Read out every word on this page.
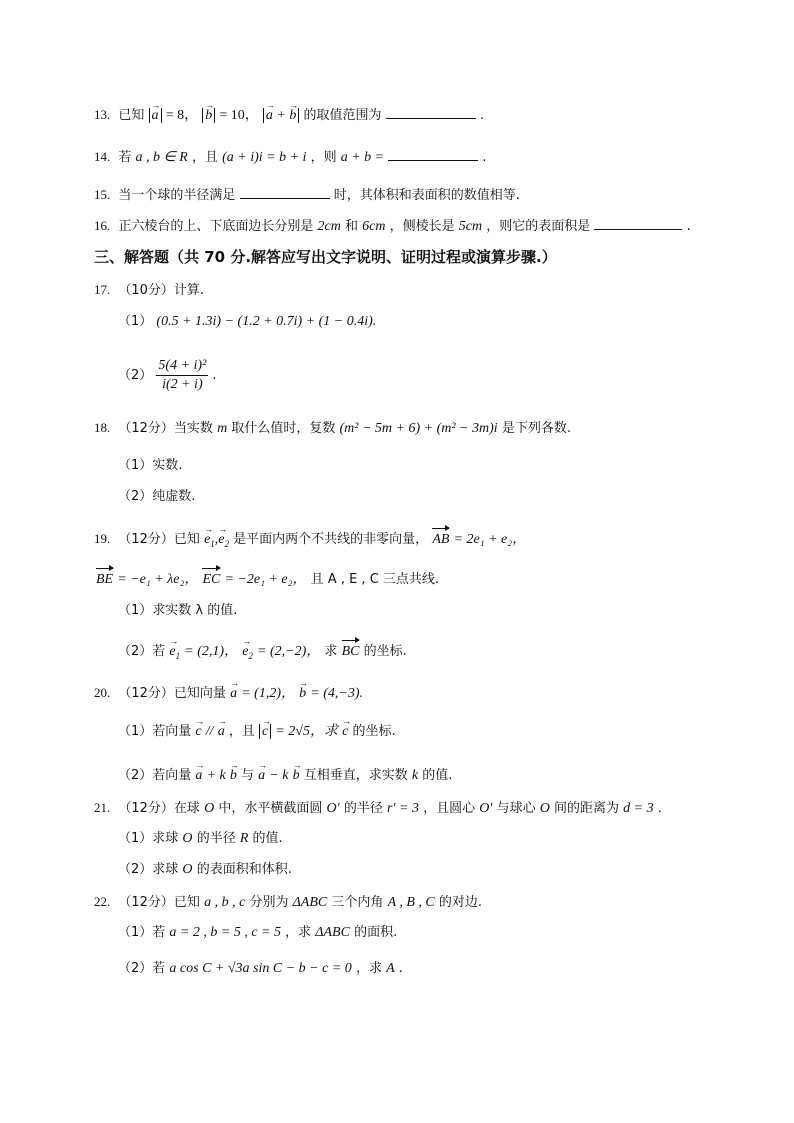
13. 已知 → a = 8， → b = 10， → a + → b 的取值范围为	.
14. 若 a , b ∈ R ，且 (a + i)i = b + i ，则 a + b =	.
15. 当一个球的半径满足	时，其体积和表面积的数值相等.
16. 正六棱台的上、下底面边长分别是 2cm 和 6cm ，侧棱长是 5cm ，则它的表面积是	.
三、解答题（共 70 分.解答应写出文字说明、证明过程或演算步骤.）
17. （10分）计算.
（1） (0.5 + 1.3i) − (1.2 + 0.7i) + (1 − 0.4i).
$(2) \frac{\text{5(4 + i)²}}{i(2 + i)}$ .
18. （12分）当实数 m 取什么值时，复数 (m² − 5m + 6) + (m² − 3m)i 是下列各数.
（1）实数.
（2）纯虚数.
19. （12分）已知 → $e_1,\to e_2$ 是平面内两个不共线的非零向量， AB = 2e₁ + e₂，
BE = −e₁ + λe₂， EC = −2e₁ + e₂， 且 A , E , C 三点共线.
（1）求实数 λ 的值.
（2）若 → $e_1 = (2,1)$， → $e_2 = (2,-2)$， 求 BC 的坐标.
20. （12分）已知向量 → a = (1,2)， → b = (4,−3).
（1）若向量 → c // → a ，且 → c = 2√5，求 → c 的坐标.
（2）若向量 → a + k → b 与 → a − k → b 互相垂直，求实数 k 的值.
21. （12分）在球 O 中，水平横截面圆 O′ 的半径 r′ = 3 ，且圆心 O′ 与球心 O 间的距离为 d = 3 .
（1）求球 O 的半径 R 的值.
（2）求球 O 的表面积和体积.
22. （12分）已知 a , b , c 分别为 ΔABC 三个内角 A , B , C 的对边.
（1）若 a = 2 , b = 5 , c = 5 ，求 ΔABC 的面积.
（2）若 a cos C + √3a sin C − b − c = 0 ，求 A .
